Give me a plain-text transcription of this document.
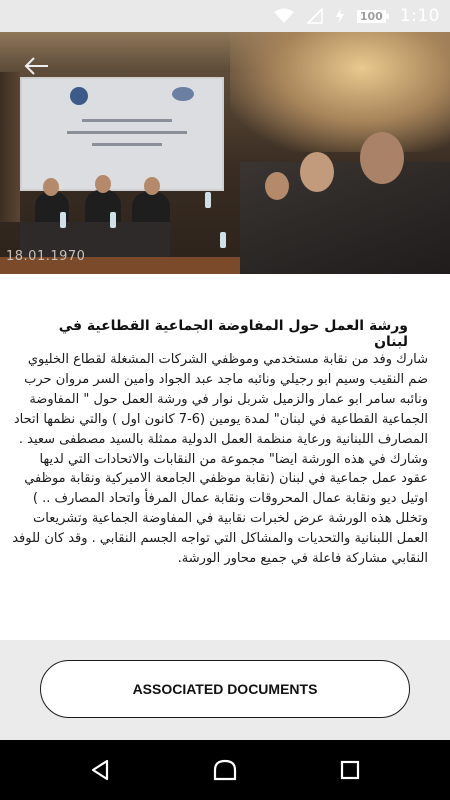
100 1:10
18.01.1970
ورشة العمل حول المفاوضة الجماعية القطاعية في لبنان

شارك وفد من نقابة مستخدمي وموظفي الشركات المشغلة لقطاع الخليوي ضم النقيب وسيم ابو رجيلي ونائبه ماجد عبد الجواد وامين السر مروان حرب ونائبه سامر ابو عمار والزميل شربل نوار في ورشة العمل حول " المفاوضة الجماعية القطاعية في لبنان" لمدة يومين (6-7 كانون اول ) والتي نظمها اتحاد المصارف اللبنانية ورعاية منظمة العمل الدولية ممثلة بالسيد مصطفى سعيد . وشارك في هذه الورشة ايضا" مجموعة من النقابات والاتحادات التي لديها عقود عمل جماعية في لبنان (نقابة موظفي الجامعة الاميركية ونقابة موظفي اوتيل ديو ونقابة عمال المحروقات ونقابة عمال المرفأ واتحاد المصارف .. ) وتخلل هذه الورشة عرض لخبرات نقابية في المفاوضة الجماعية وتشريعات العمل اللبنانية والتحديات والمشاكل التي تواجه الجسم النقابي . وقد كان للوفد النقابي مشاركة فاعلة في جميع محاور الورشة.

ASSOCIATED DOCUMENTS
